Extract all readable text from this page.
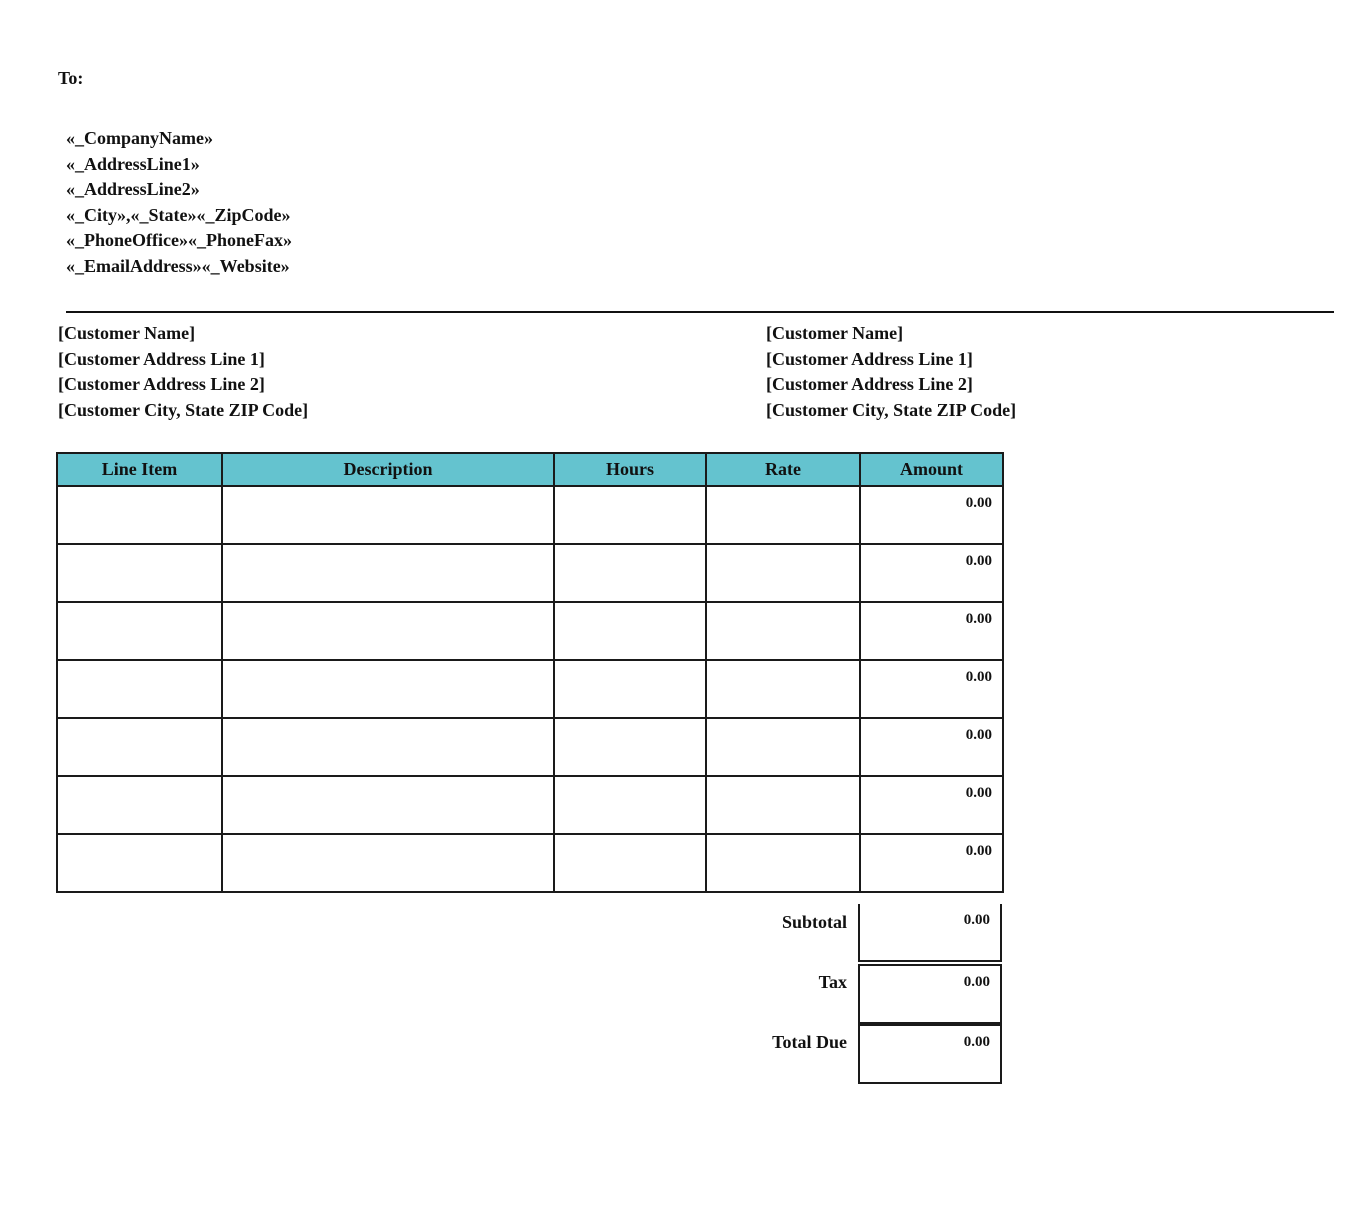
To:
«_CompanyName»
«_AddressLine1»
«_AddressLine2»
«_City»,«_State»«_ZipCode»
«_PhoneOffice»«_PhoneFax»
«_EmailAddress»«_Website»
[Customer Name]
[Customer Address Line 1]
[Customer Address Line 2]
[Customer City, State ZIP Code]
[Customer Name]
[Customer Address Line 1]
[Customer Address Line 2]
[Customer City, State ZIP Code]
Line Item	Description	Hours	Rate	Amount
				0.00
				0.00
				0.00
				0.00
				0.00
				0.00
				0.00
Subtotal	0.00
Tax	0.00
Total Due	0.00
